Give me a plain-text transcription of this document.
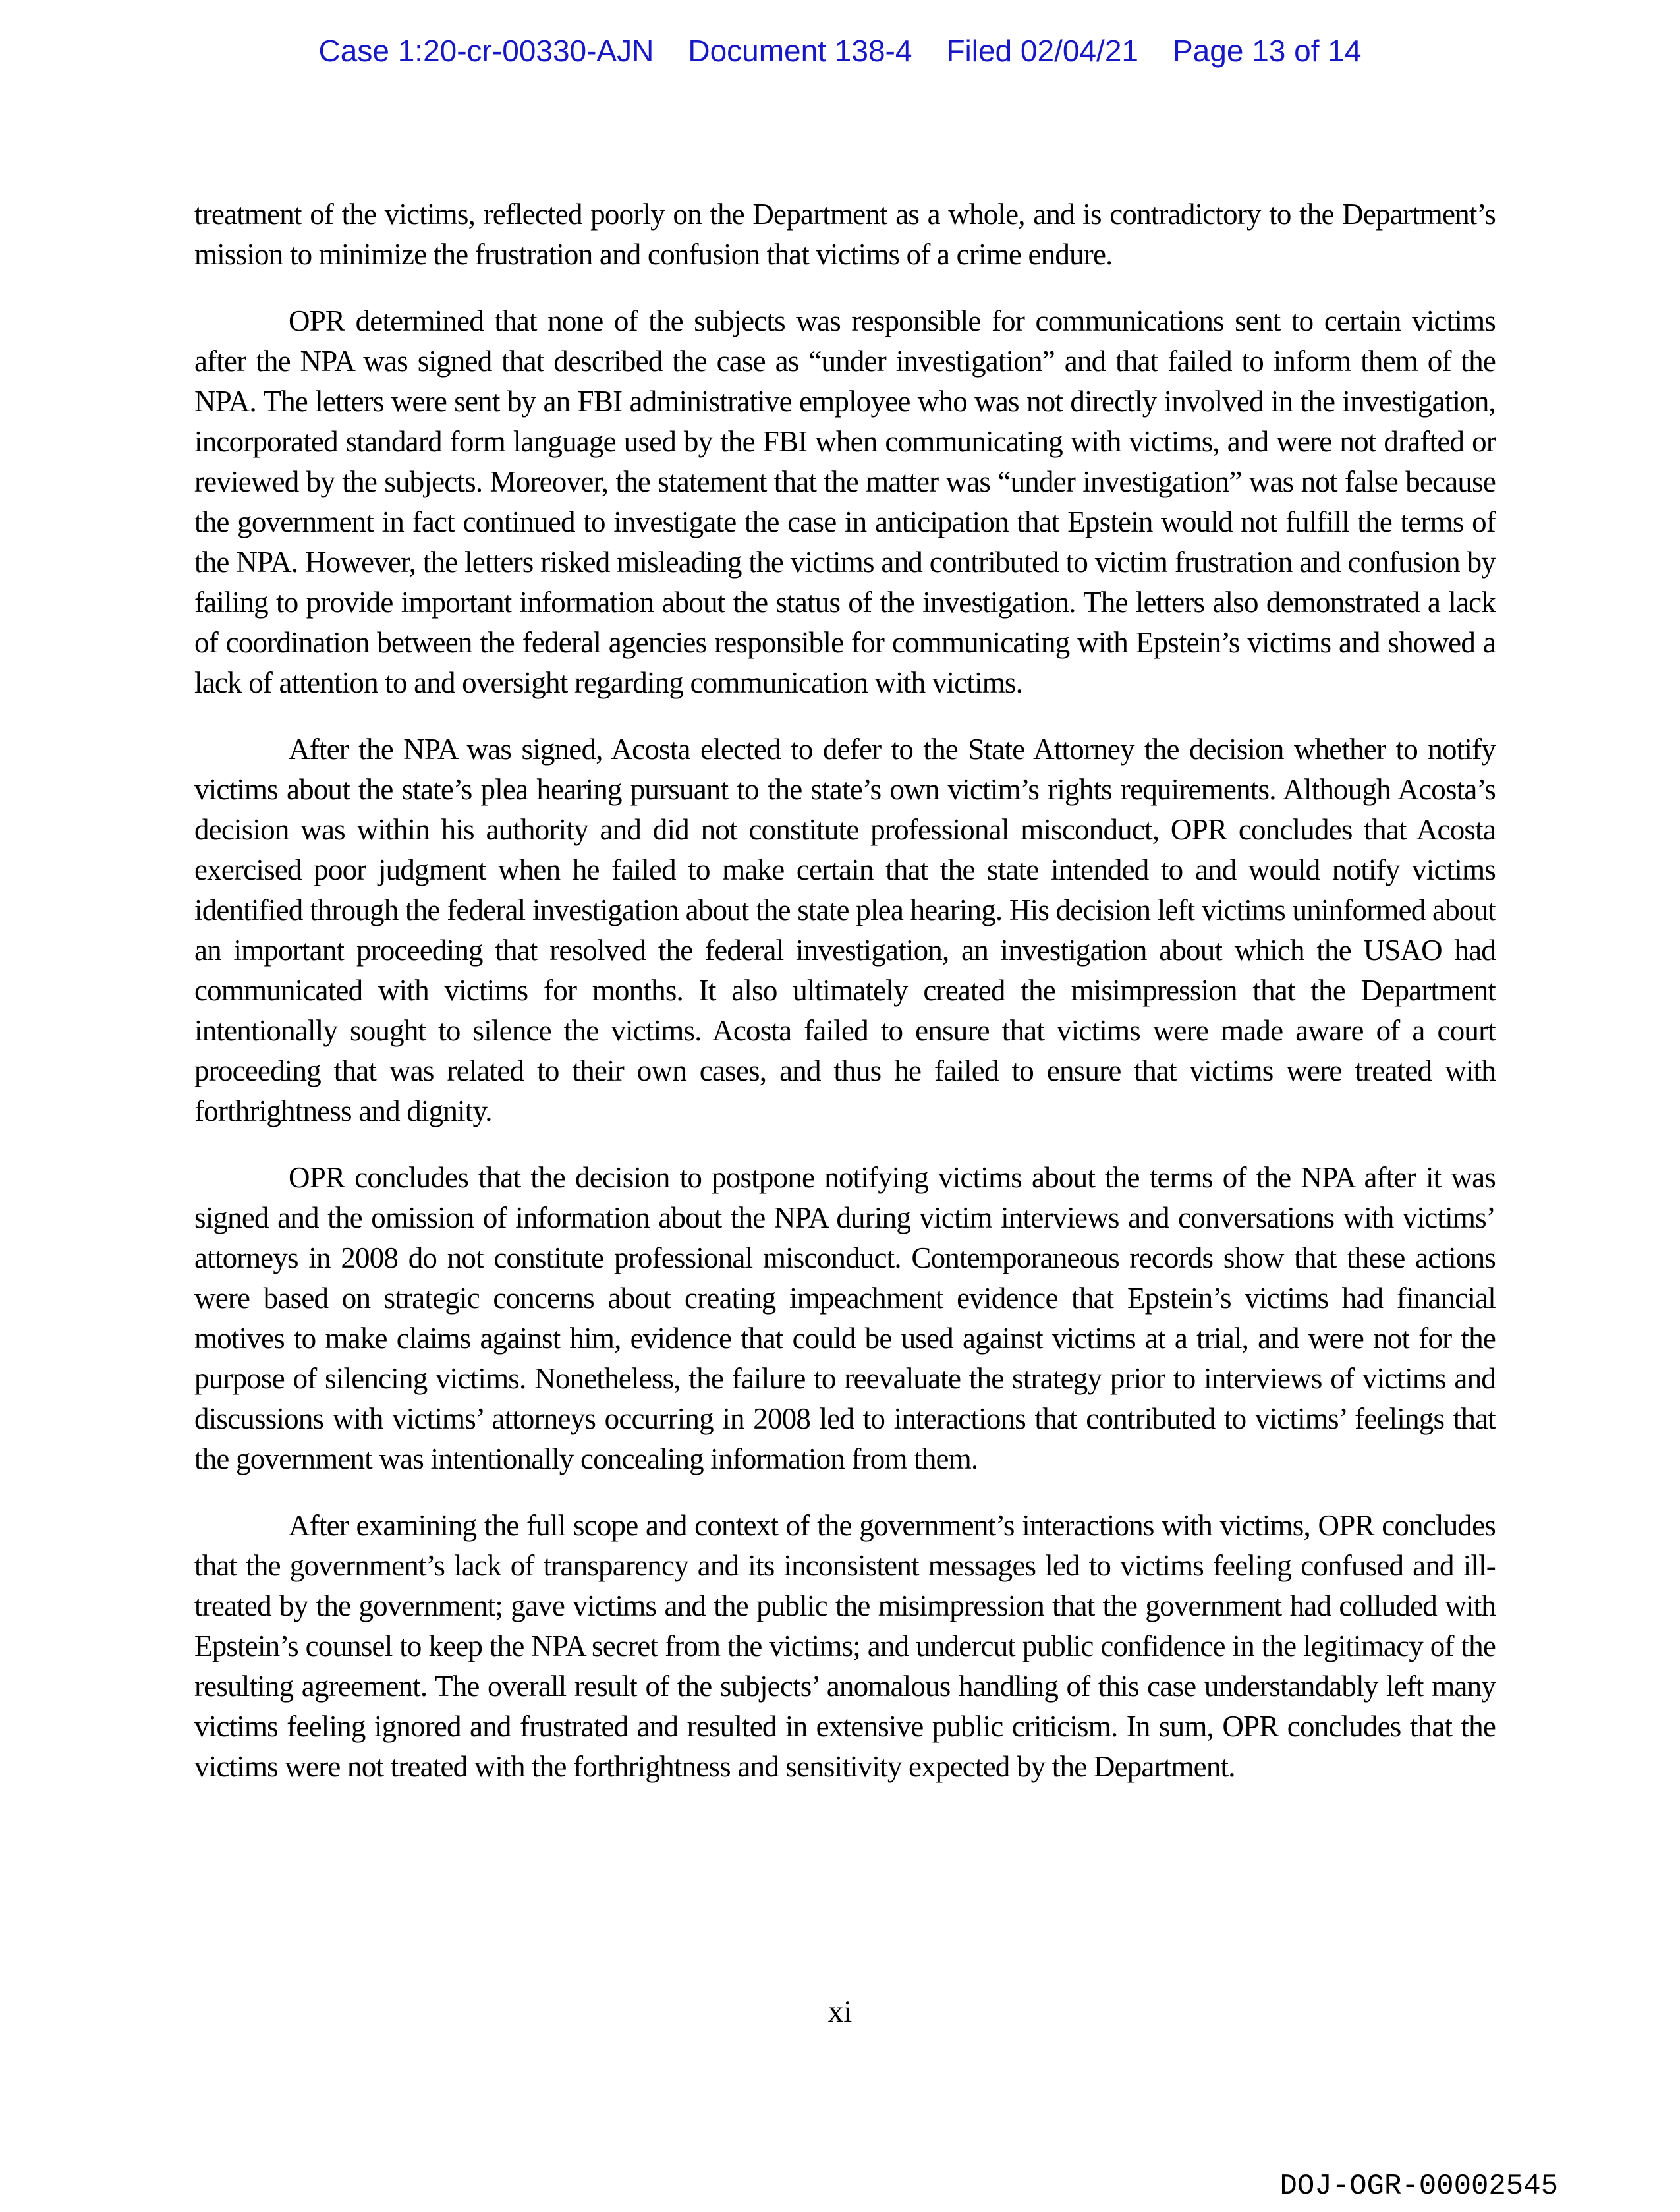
Case 1:20-cr-00330-AJN Document 138-4 Filed 02/04/21 Page 13 of 14

treatment of the victims, reflected poorly on the Department as a whole, and is contradictory to the Department’s mission to minimize the frustration and confusion that victims of a crime endure.

OPR determined that none of the subjects was responsible for communications sent to certain victims after the NPA was signed that described the case as “under investigation” and that failed to inform them of the NPA. The letters were sent by an FBI administrative employee who was not directly involved in the investigation, incorporated standard form language used by the FBI when communicating with victims, and were not drafted or reviewed by the subjects. Moreover, the statement that the matter was “under investigation” was not false because the government in fact continued to investigate the case in anticipation that Epstein would not fulfill the terms of the NPA. However, the letters risked misleading the victims and contributed to victim frustration and confusion by failing to provide important information about the status of the investigation. The letters also demonstrated a lack of coordination between the federal agencies responsible for communicating with Epstein’s victims and showed a lack of attention to and oversight regarding communication with victims.

After the NPA was signed, Acosta elected to defer to the State Attorney the decision whether to notify victims about the state’s plea hearing pursuant to the state’s own victim’s rights requirements. Although Acosta’s decision was within his authority and did not constitute professional misconduct, OPR concludes that Acosta exercised poor judgment when he failed to make certain that the state intended to and would notify victims identified through the federal investigation about the state plea hearing. His decision left victims uninformed about an important proceeding that resolved the federal investigation, an investigation about which the USAO had communicated with victims for months. It also ultimately created the misimpression that the Department intentionally sought to silence the victims. Acosta failed to ensure that victims were made aware of a court proceeding that was related to their own cases, and thus he failed to ensure that victims were treated with forthrightness and dignity.

OPR concludes that the decision to postpone notifying victims about the terms of the NPA after it was signed and the omission of information about the NPA during victim interviews and conversations with victims’ attorneys in 2008 do not constitute professional misconduct. Contemporaneous records show that these actions were based on strategic concerns about creating impeachment evidence that Epstein’s victims had financial motives to make claims against him, evidence that could be used against victims at a trial, and were not for the purpose of silencing victims. Nonetheless, the failure to reevaluate the strategy prior to interviews of victims and discussions with victims’ attorneys occurring in 2008 led to interactions that contributed to victims’ feelings that the government was intentionally concealing information from them.

After examining the full scope and context of the government’s interactions with victims, OPR concludes that the government’s lack of transparency and its inconsistent messages led to victims feeling confused and ill-treated by the government; gave victims and the public the misimpression that the government had colluded with Epstein’s counsel to keep the NPA secret from the victims; and undercut public confidence in the legitimacy of the resulting agreement. The overall result of the subjects’ anomalous handling of this case understandably left many victims feeling ignored and frustrated and resulted in extensive public criticism. In sum, OPR concludes that the victims were not treated with the forthrightness and sensitivity expected by the Department.

xi
DOJ-OGR-00002545
